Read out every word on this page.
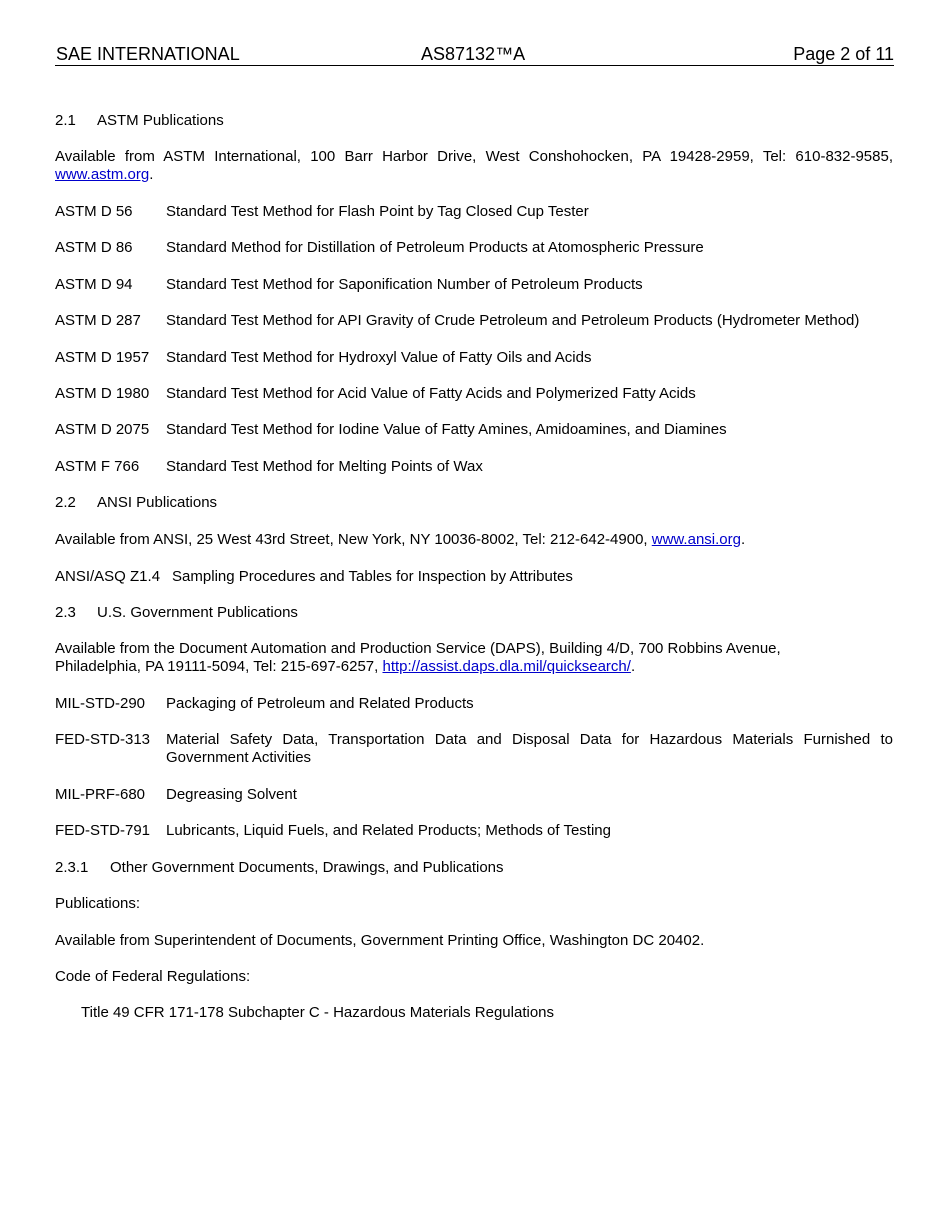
SAE INTERNATIONAL	AS87132™A	Page 2 of 11
2.1 ASTM Publications
Available from ASTM International, 100 Barr Harbor Drive, West Conshohocken, PA 19428-2959, Tel: 610-832-9585, www.astm.org.
ASTM D 56 Standard Test Method for Flash Point by Tag Closed Cup Tester
ASTM D 86 Standard Method for Distillation of Petroleum Products at Atomospheric Pressure
ASTM D 94 Standard Test Method for Saponification Number of Petroleum Products
ASTM D 287 Standard Test Method for API Gravity of Crude Petroleum and Petroleum Products (Hydrometer Method)
ASTM D 1957 Standard Test Method for Hydroxyl Value of Fatty Oils and Acids
ASTM D 1980 Standard Test Method for Acid Value of Fatty Acids and Polymerized Fatty Acids
ASTM D 2075 Standard Test Method for Iodine Value of Fatty Amines, Amidoamines, and Diamines
ASTM F 766 Standard Test Method for Melting Points of Wax
2.2 ANSI Publications
Available from ANSI, 25 West 43rd Street, New York, NY 10036-8002, Tel: 212-642-4900, www.ansi.org.
ANSI/ASQ Z1.4 Sampling Procedures and Tables for Inspection by Attributes
2.3 U.S. Government Publications
Available from the Document Automation and Production Service (DAPS), Building 4/D, 700 Robbins Avenue,
Philadelphia, PA 19111-5094, Tel: 215-697-6257, http://assist.daps.dla.mil/quicksearch/.
MIL-STD-290 Packaging of Petroleum and Related Products
FED-STD-313 Material Safety Data, Transportation Data and Disposal Data for Hazardous Materials Furnished to Government Activities
MIL-PRF-680 Degreasing Solvent
FED-STD-791 Lubricants, Liquid Fuels, and Related Products; Methods of Testing
2.3.1 Other Government Documents, Drawings, and Publications
Publications:
Available from Superintendent of Documents, Government Printing Office, Washington DC 20402.
Code of Federal Regulations:
Title 49 CFR 171-178 Subchapter C - Hazardous Materials Regulations
